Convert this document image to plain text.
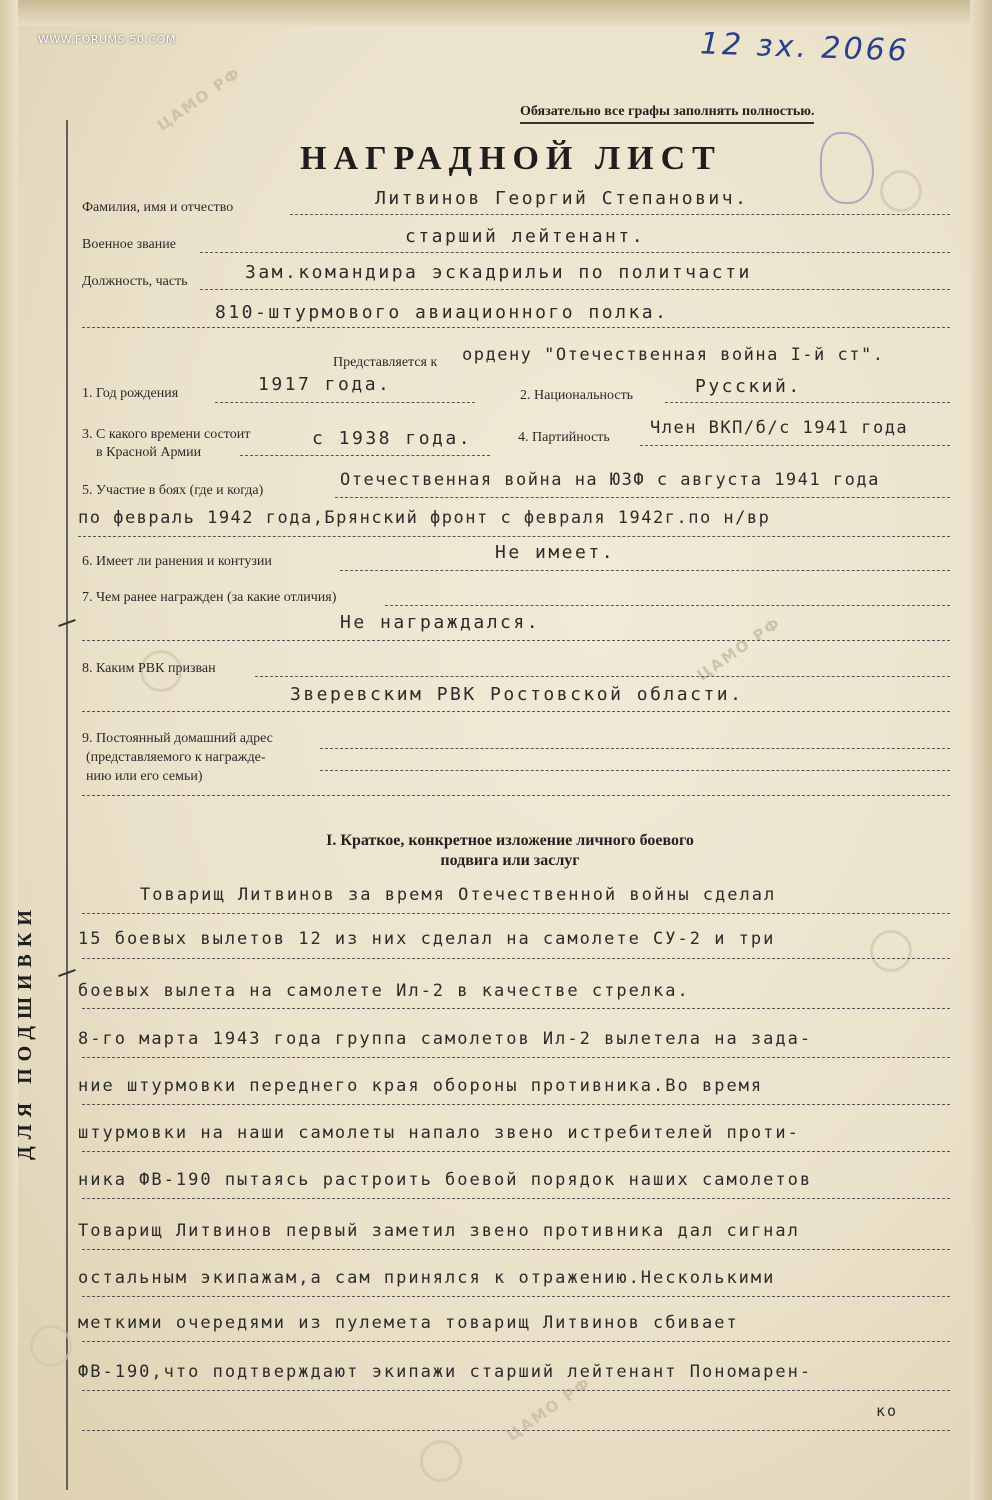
ЦАМО РФ
ЦАМО РФ
ЦАМО РФ
WWW.FORUMS-50.COM	12 зх. 2066
Обязательно все графы заполнять полностью.
НАГРАДНОЙ ЛИСТ
Фамилия, имя и отчество	Литвинов Георгий Степанович.
Военное звание	старший лейтенант.
Должность, часть	Зам.командира эскадрильи по политчасти
810-штурмового авиационного полка.
Представляется к ордену "Отечественная война I-й ст".
1. Год рождения	1917 года.
2. Национальность	Русский.
3. С какого времени состоит
в Красной Армии
с 1938 года.	4. Партийность Член ВКП/б/с 1941 года
5. Участие в боях (где и когда)
Отечественная война на ЮЗФ с августа 1941 года
по февраль 1942 года,Брянский фронт с февраля 1942г.по н/вр
6. Имеет ли ранения и контузии	Не имеет.
7. Чем ранее награжден (за какие отличия)
Не награждался.
8. Каким РВК призван
Зверевским РВК Ростовской области.
9. Постоянный домашний адрес
(представляемого к награжде-
нию или его семьи)
I. Краткое, конкретное изложение личного боевого
подвига или заслуг
Товарищ Литвинов за время Отечественной войны сделал
15 боевых вылетов 12 из них сделал на самолете СУ-2 и три
боевых вылета на самолете Ил-2 в качестве стрелка.
8-го марта 1943 года группа самолетов Ил-2 вылетела на зада-
ние штурмовки переднего края обороны противника.Во время
штурмовки на наши самолеты напало звено истребителей проти-
ника ФВ-190 пытаясь растроить боевой порядок наших самолетов
Товарищ Литвинов первый заметил звено противника дал сигнал
остальным экипажам,а сам принялся к отражению.Несколькими
меткими очередями из пулемета товарищ Литвинов сбивает
ФВ-190,что подтверждают экипажи старший лейтенант Пономарен-
ко
ДЛЯ ПОДШИВКИ
